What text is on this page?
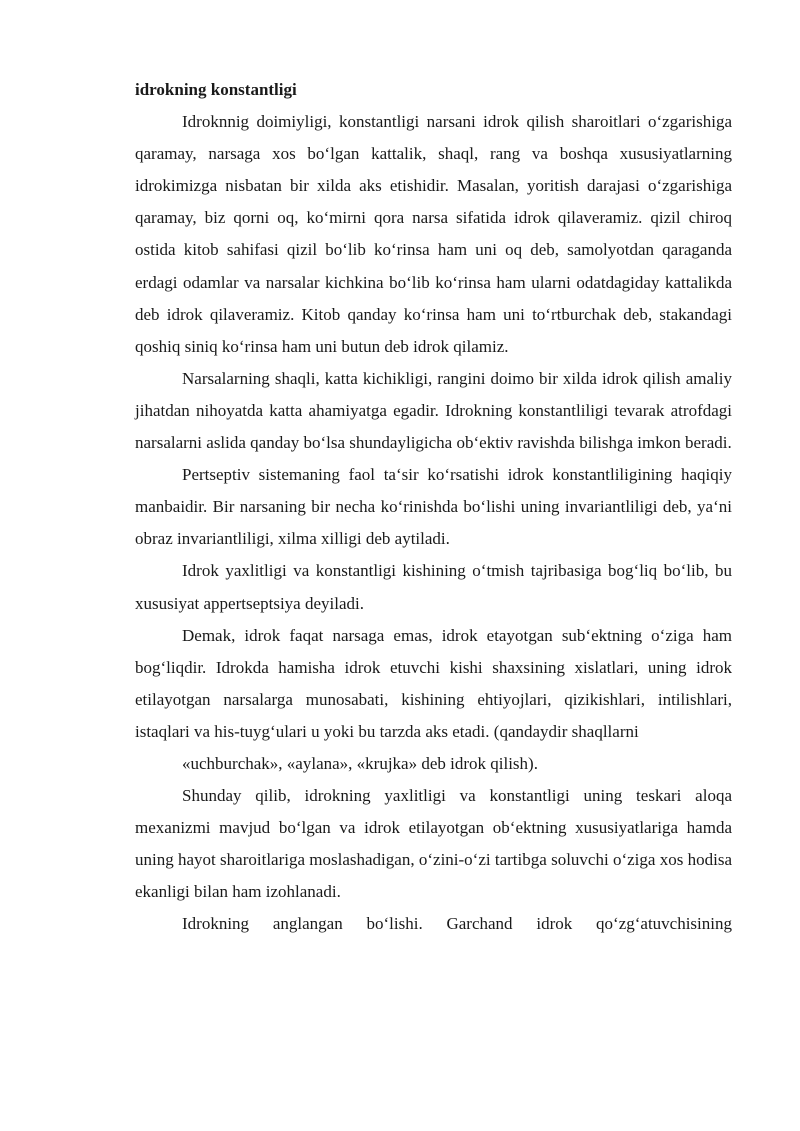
idrokning konstantligi

Idroknnig doimiyligi, konstantligi narsani idrok qilish sharoitlari o‘zgarishiga qaramay, narsaga xos bo‘lgan kattalik, shaql, rang va boshqa xususiyatlarning idrokimizga nisbatan bir xilda aks etishidir. Masalan, yoritish darajasi o‘zgarishiga qaramay, biz qorni oq, ko‘mirni qora narsa sifatida idrok qilaveramiz. qizil chiroq ostida kitob sahifasi qizil bo‘lib ko‘rinsa ham uni oq deb, samolyotdan qaraganda erdagi odamlar va narsalar kichkina bo‘lib ko‘rinsa ham ularni odatdagiday kattalikda deb idrok qilaveramiz. Kitob qanday ko‘rinsa ham uni to‘rtburchak deb, stakandagi qoshiq siniq ko‘rinsa ham uni butun deb idrok qilamiz.

Narsalarning shaqli, katta kichikligi, rangini doimo bir xilda idrok qilish amaliy jihatdan nihoyatda katta ahamiyatga egadir. Idrokning konstantliligi tevarak atrofdagi narsalarni aslida qanday bo‘lsa shundayligicha ob‘ektiv ravishda bilishga imkon beradi.

Pertseptiv sistemaning faol ta‘sir ko‘rsatishi idrok konstantliligining haqiqiy manbaidir. Bir narsaning bir necha ko‘rinishda bo‘lishi uning invariantliligi deb, ya‘ni obraz invariantliligi, xilma xilligi deb aytiladi.

Idrok yaxlitligi va konstantligi kishining o‘tmish tajribasiga bog‘liq bo‘lib, bu xususiyat appertseptsiya deyiladi.

Demak, idrok faqat narsaga emas, idrok etayotgan sub‘ektning o‘ziga ham bog‘liqdir. Idrokda hamisha idrok etuvchi kishi shaxsining xislatlari, uning idrok etilayotgan narsalarga munosabati, kishining ehtiyojlari, qizikishlari, intilishlari, istaqlari va his-tuyg‘ulari u yoki bu tarzda aks etadi. (qandaydir shaqllarni

«uchburchak», «aylana», «krujka» deb idrok qilish).

Shunday qilib, idrokning yaxlitligi va konstantligi uning teskari aloqa mexanizmi mavjud bo‘lgan va idrok etilayotgan ob‘ektning xususiyatlariga hamda uning hayot sharoitlariga moslashadigan, o‘zini-o‘zi tartibga soluvchi o‘ziga xos hodisa ekanligi bilan ham izohlanadi.

Idrokning anglangan bo‘lishi. Garchand idrok qo‘zg‘atuvchisining
